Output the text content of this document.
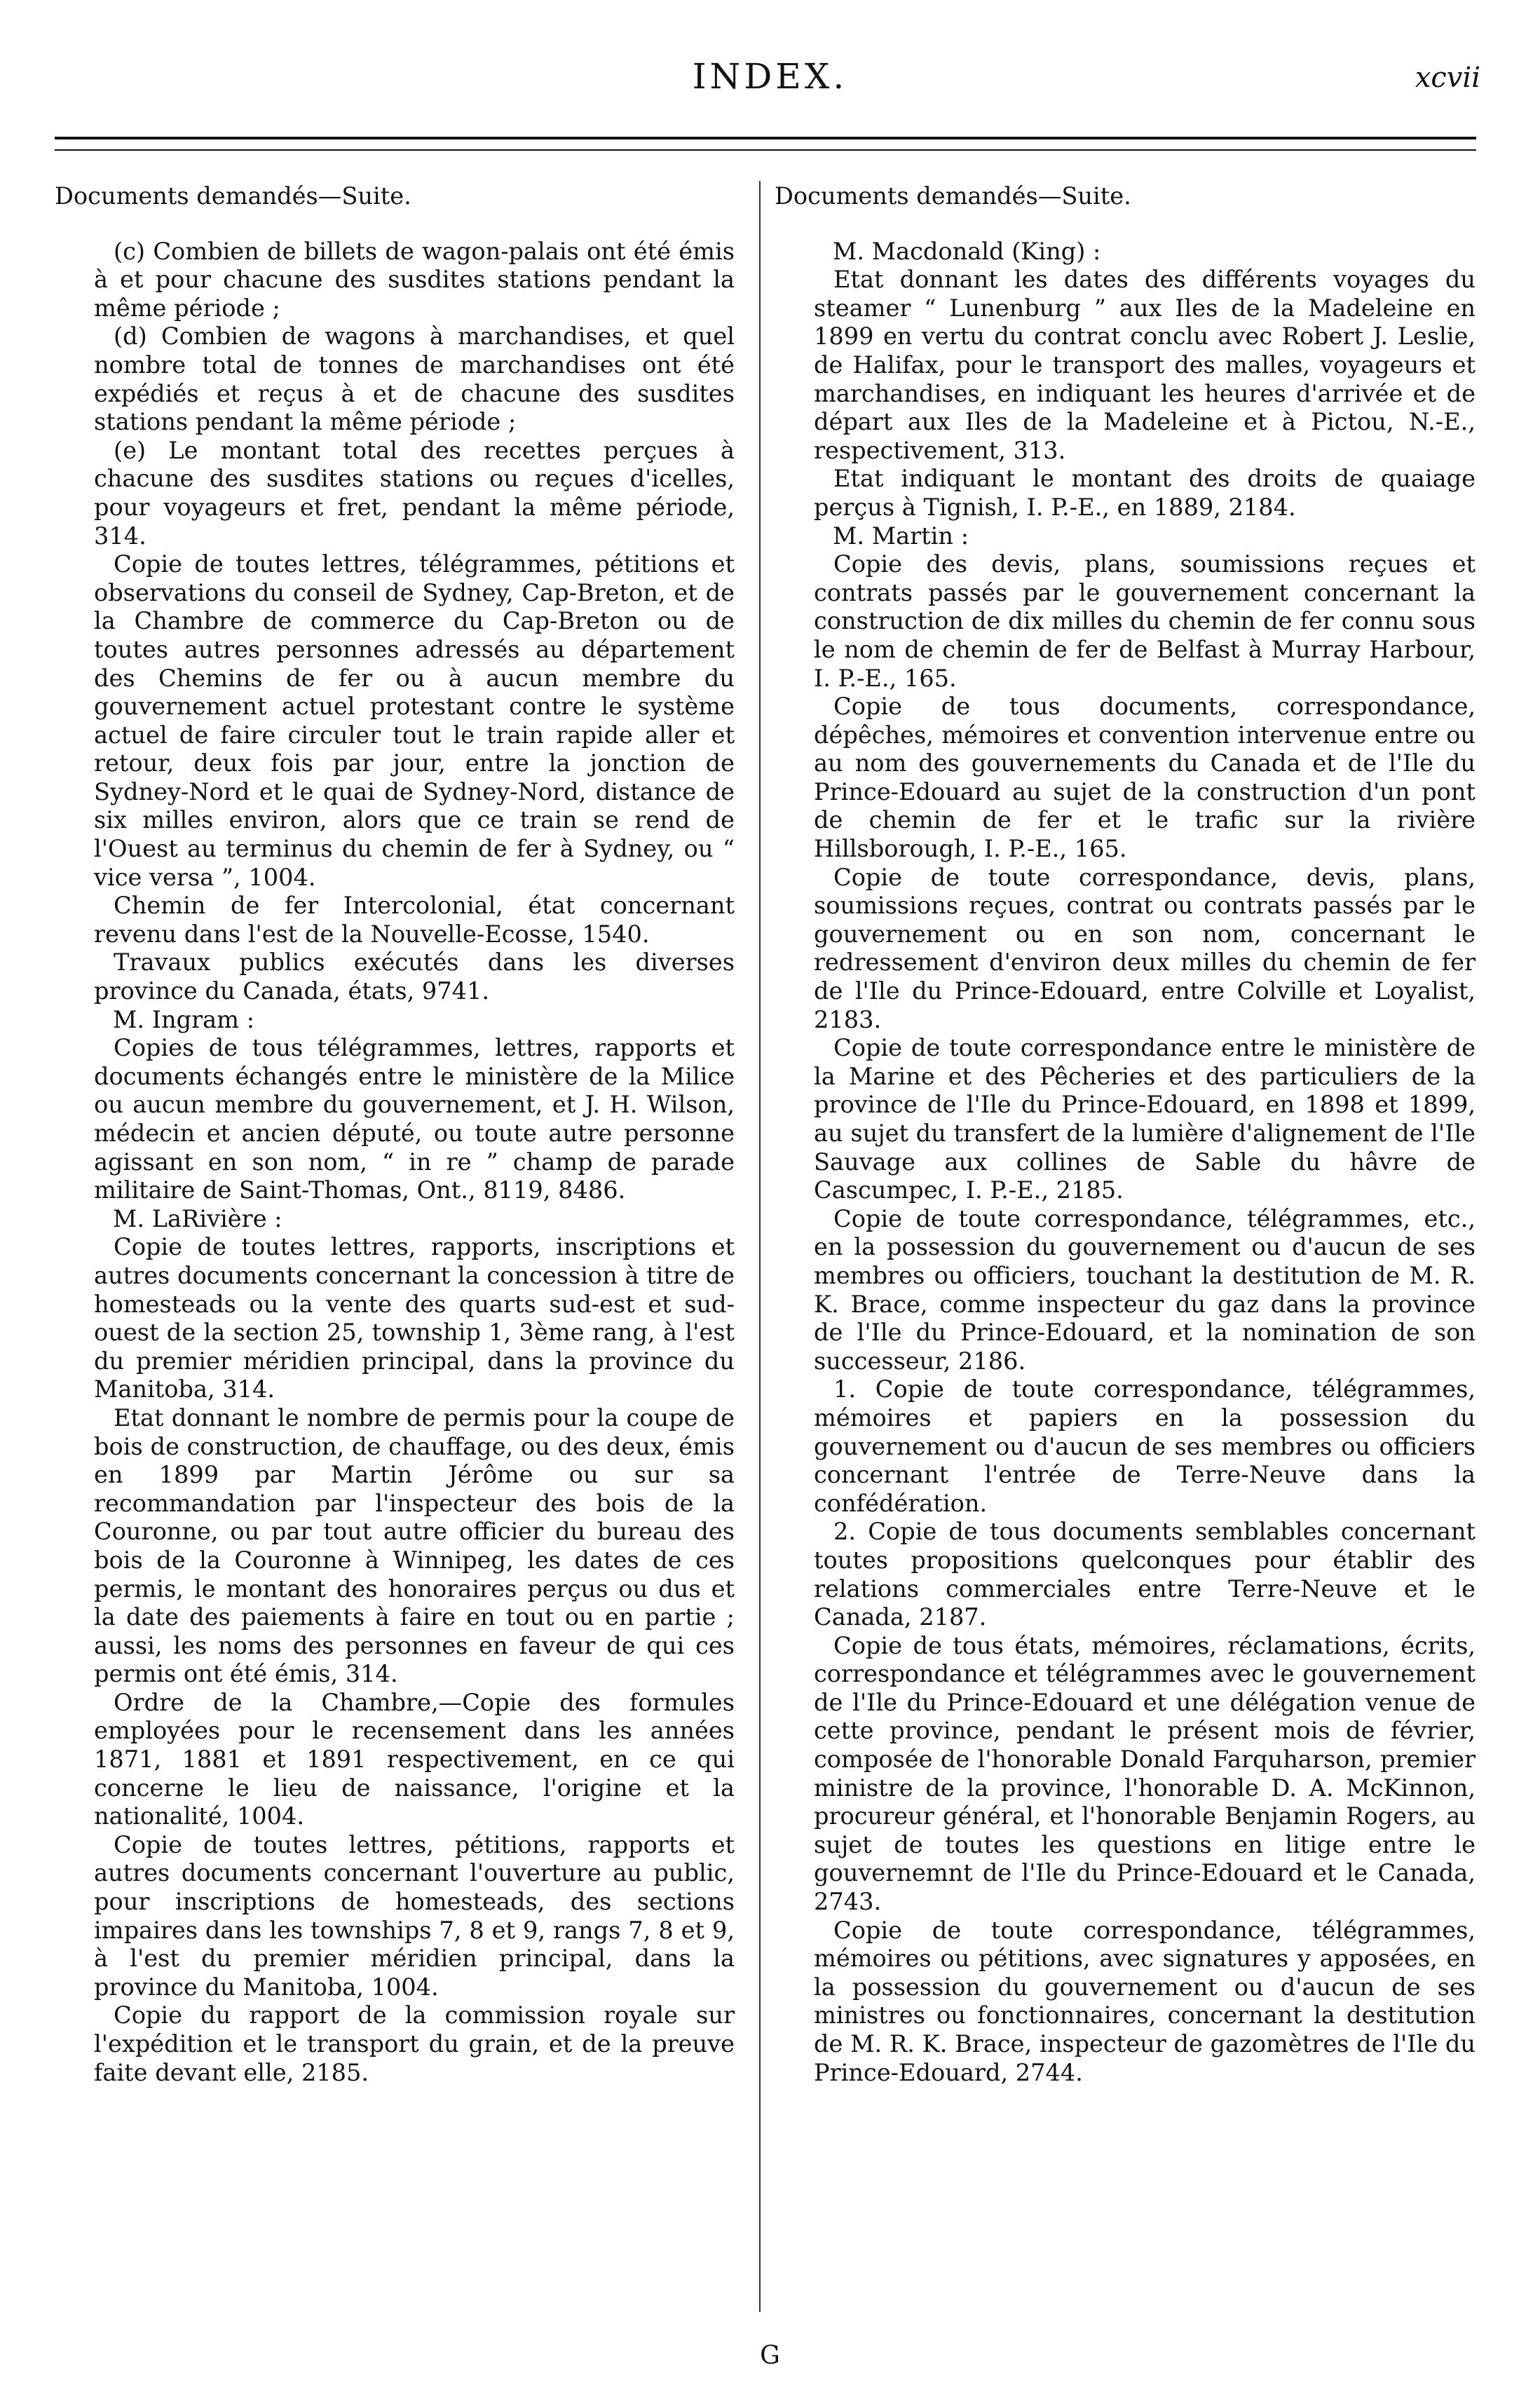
INDEX.	xcvii
Documents demandés—Suite.

(c) Combien de billets de wagon-palais ont été émis à et pour chacune des susdites stations pendant la même période ;

(d) Combien de wagons à marchandises, et quel nombre total de tonnes de marchandises ont été expédiés et reçus à et de chacune des susdites stations pendant la même période ;

(e) Le montant total des recettes perçues à chacune des susdites stations ou reçues d'icelles, pour voyageurs et fret, pendant la même période, 314.

Copie de toutes lettres, télégrammes, pétitions et observations du conseil de Sydney, Cap-Breton, et de la Chambre de commerce du Cap-Breton ou de toutes autres personnes adressés au département des Chemins de fer ou à aucun membre du gouvernement actuel protestant contre le système actuel de faire circuler tout le train rapide aller et retour, deux fois par jour, entre la jonction de Sydney-Nord et le quai de Sydney-Nord, distance de six milles environ, alors que ce train se rend de l'Ouest au terminus du chemin de fer à Sydney, ou “ vice versa ”, 1004.

Chemin de fer Intercolonial, état concernant revenu dans l'est de la Nouvelle-Ecosse, 1540.

Travaux publics exécutés dans les diverses province du Canada, états, 9741.

M. Ingram :

Copies de tous télégrammes, lettres, rapports et documents échangés entre le ministère de la Milice ou aucun membre du gouvernement, et J. H. Wilson, médecin et ancien député, ou toute autre personne agissant en son nom, “ in re ” champ de parade militaire de Saint-Thomas, Ont., 8119, 8486.

M. LaRivière :

Copie de toutes lettres, rapports, inscriptions et autres documents concernant la concession à titre de homesteads ou la vente des quarts sud-est et sud-ouest de la section 25, township 1, 3ème rang, à l'est du premier méridien principal, dans la province du Manitoba, 314.

Etat donnant le nombre de permis pour la coupe de bois de construction, de chauffage, ou des deux, émis en 1899 par Martin Jérôme ou sur sa recommandation par l'inspecteur des bois de la Couronne, ou par tout autre officier du bureau des bois de la Couronne à Winnipeg, les dates de ces permis, le montant des honoraires perçus ou dus et la date des paiements à faire en tout ou en partie ; aussi, les noms des personnes en faveur de qui ces permis ont été émis, 314.

Ordre de la Chambre,—Copie des formules employées pour le recensement dans les années 1871, 1881 et 1891 respectivement, en ce qui concerne le lieu de naissance, l'origine et la nationalité, 1004.

Copie de toutes lettres, pétitions, rapports et autres documents concernant l'ouverture au public, pour inscriptions de homesteads, des sections impaires dans les townships 7, 8 et 9, rangs 7, 8 et 9, à l'est du premier méridien principal, dans la province du Manitoba, 1004.

Copie du rapport de la commission royale sur l'expédition et le transport du grain, et de la preuve faite devant elle, 2185.

Documents demandés—Suite.
M. Macdonald (King) :

Etat donnant les dates des différents voyages du steamer “ Lunenburg ” aux Iles de la Madeleine en 1899 en vertu du contrat conclu avec Robert J. Leslie, de Halifax, pour le transport des malles, voyageurs et marchandises, en indiquant les heures d'arrivée et de départ aux Iles de la Madeleine et à Pictou, N.-E., respectivement, 313.

Etat indiquant le montant des droits de quaiage perçus à Tignish, I. P.-E., en 1889, 2184.

M. Martin :

Copie des devis, plans, soumissions reçues et contrats passés par le gouvernement concernant la construction de dix milles du chemin de fer connu sous le nom de chemin de fer de Belfast à Murray Harbour, I. P.-E., 165.

Copie de tous documents, correspondance, dépêches, mémoires et convention intervenue entre ou au nom des gouvernements du Canada et de l'Ile du Prince-Edouard au sujet de la construction d'un pont de chemin de fer et le trafic sur la rivière Hillsborough, I. P.-E., 165.

Copie de toute correspondance, devis, plans, soumissions reçues, contrat ou contrats passés par le gouvernement ou en son nom, concernant le redressement d'environ deux milles du chemin de fer de l'Ile du Prince-Edouard, entre Colville et Loyalist, 2183.

Copie de toute correspondance entre le ministère de la Marine et des Pêcheries et des particuliers de la province de l'Ile du Prince-Edouard, en 1898 et 1899, au sujet du transfert de la lumière d'alignement de l'Ile Sauvage aux collines de Sable du hâvre de Cascumpec, I. P.-E., 2185.

Copie de toute correspondance, télégrammes, etc., en la possession du gouvernement ou d'aucun de ses membres ou officiers, touchant la destitution de M. R. K. Brace, comme inspecteur du gaz dans la province de l'Ile du Prince-Edouard, et la nomination de son successeur, 2186.

1. Copie de toute correspondance, télégrammes, mémoires et papiers en la possession du gouvernement ou d'aucun de ses membres ou officiers concernant l'entrée de Terre-Neuve dans la confédération.

2. Copie de tous documents semblables concernant toutes propositions quelconques pour établir des relations commerciales entre Terre-Neuve et le Canada, 2187.

Copie de tous états, mémoires, réclamations, écrits, correspondance et télégrammes avec le gouvernement de l'Ile du Prince-Edouard et une délégation venue de cette province, pendant le présent mois de février, composée de l'honorable Donald Farquharson, premier ministre de la province, l'honorable D. A. McKinnon, procureur général, et l'honorable Benjamin Rogers, au sujet de toutes les questions en litige entre le gouvernemnt de l'Ile du Prince-Edouard et le Canada, 2743.

Copie de toute correspondance, télégrammes, mémoires ou pétitions, avec signatures y apposées, en la possession du gouvernement ou d'aucun de ses ministres ou fonctionnaires, concernant la destitution de M. R. K. Brace, inspecteur de gazomètres de l'Ile du Prince-Edouard, 2744.

G
